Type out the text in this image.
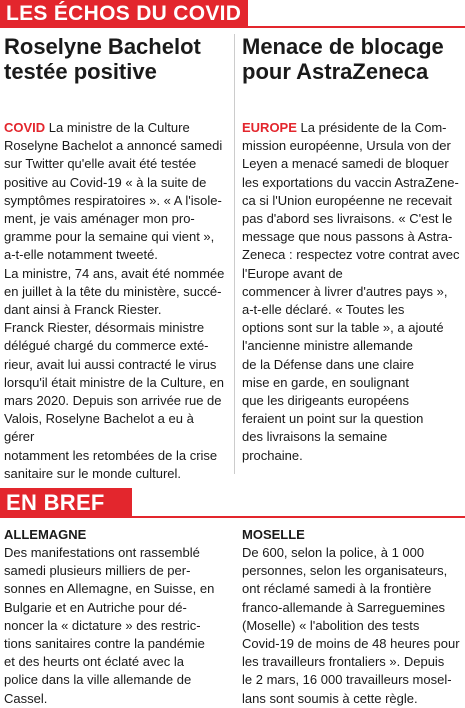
LES ÉCHOS DU COVID
Roselyne Bachelot
testée positive

COVID La ministre de la Culture
Roselyne Bachelot a annoncé samedi
sur Twitter qu'elle avait été testée
positive au Covid-19 « à la suite de
symptômes respiratoires ». « A l'isole-
ment, je vais aménager mon pro-
gramme pour la semaine qui vient »,
a-t-elle notamment tweeté.
La ministre, 74 ans, avait été nommée
en juillet à la tête du ministère, succé-
dant ainsi à Franck Riester.
Franck Riester, désormais ministre
délégué chargé du commerce exté-
rieur, avait lui aussi contracté le virus
lorsqu'il était ministre de la Culture, en
mars 2020. Depuis son arrivée rue de
Valois, Roselyne Bachelot a eu à gérer
notamment les retombées de la crise
sanitaire sur le monde culturel.

Menace de blocage
pour AstraZeneca

EUROPE La présidente de la Com-
mission européenne, Ursula von der
Leyen a menacé samedi de bloquer
les exportations du vaccin AstraZene-
ca si l'Union européenne ne recevait
pas d'abord ses livraisons. « C'est le
message que nous passons à Astra-
Zeneca : respectez votre contrat avec
l'Europe avant de
commencer à livrer d'autres pays »,
a-t-elle déclaré. « Toutes les
options sont sur la table », a ajouté
l'ancienne ministre allemande
de la Défense dans une claire
mise en garde, en soulignant
que les dirigeants européens
feraient un point sur la question
des livraisons la semaine
prochaine.

EN BREF

ALLEMAGNE

Des manifestations ont rassemblé
samedi plusieurs milliers de per-
sonnes en Allemagne, en Suisse, en
Bulgarie et en Autriche pour dé-
noncer la « dictature » des restric-
tions sanitaires contre la pandémie
et des heurts ont éclaté avec la
police dans la ville allemande de
Cassel.

MOSELLE

De 600, selon la police, à 1 000
personnes, selon les organisateurs,
ont réclamé samedi à la frontière
franco-allemande à Sarreguemines
(Moselle) « l'abolition des tests
Covid-19 de moins de 48 heures pour
les travailleurs frontaliers ». Depuis
le 2 mars, 16 000 travailleurs mosel-
lans sont soumis à cette règle.
